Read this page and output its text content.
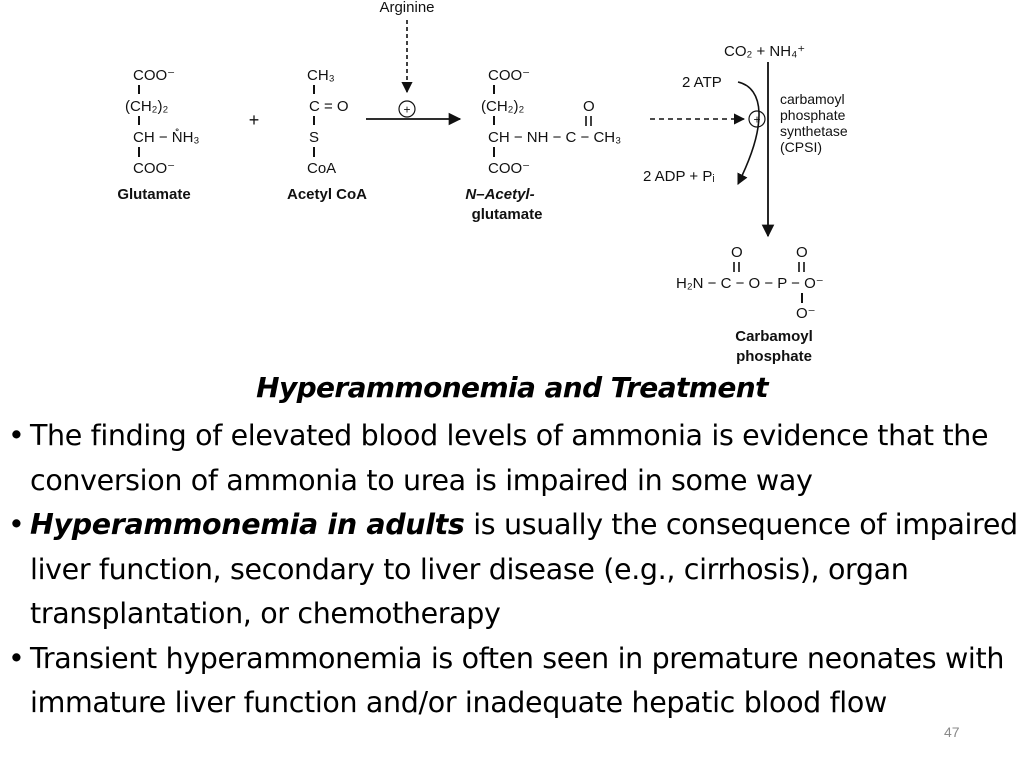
Arginine
+
COO⁻
(CH₂)₂
CH − N̊H₃
COO⁻
Glutamate
+
CH₃
C = O
S
CoA
Acetyl CoA
COO⁻
(CH₂)₂	O
CH − NH − C − CH₃
COO⁻
N–Acetyl-
glutamate
+
CO₂ + NH₄⁺
2 ATP
2 ADP + Pᵢ
carbamoyl
phosphate
synthetase
(CPSI)
O	O
H₂N − C − O − P − O⁻
O⁻
Carbamoyl
phosphate
Hyperammonemia and Treatment
• The finding of elevated blood levels of ammonia is evidence that the conversion of ammonia to urea is impaired in some way
• Hyperammonemia in adults is usually the consequence of impaired liver function, secondary to liver disease (e.g., cirrhosis), organ transplantation, or chemotherapy
• Transient hyperammonemia is often seen in premature neonates with immature liver function and/or inadequate hepatic blood flow
47
